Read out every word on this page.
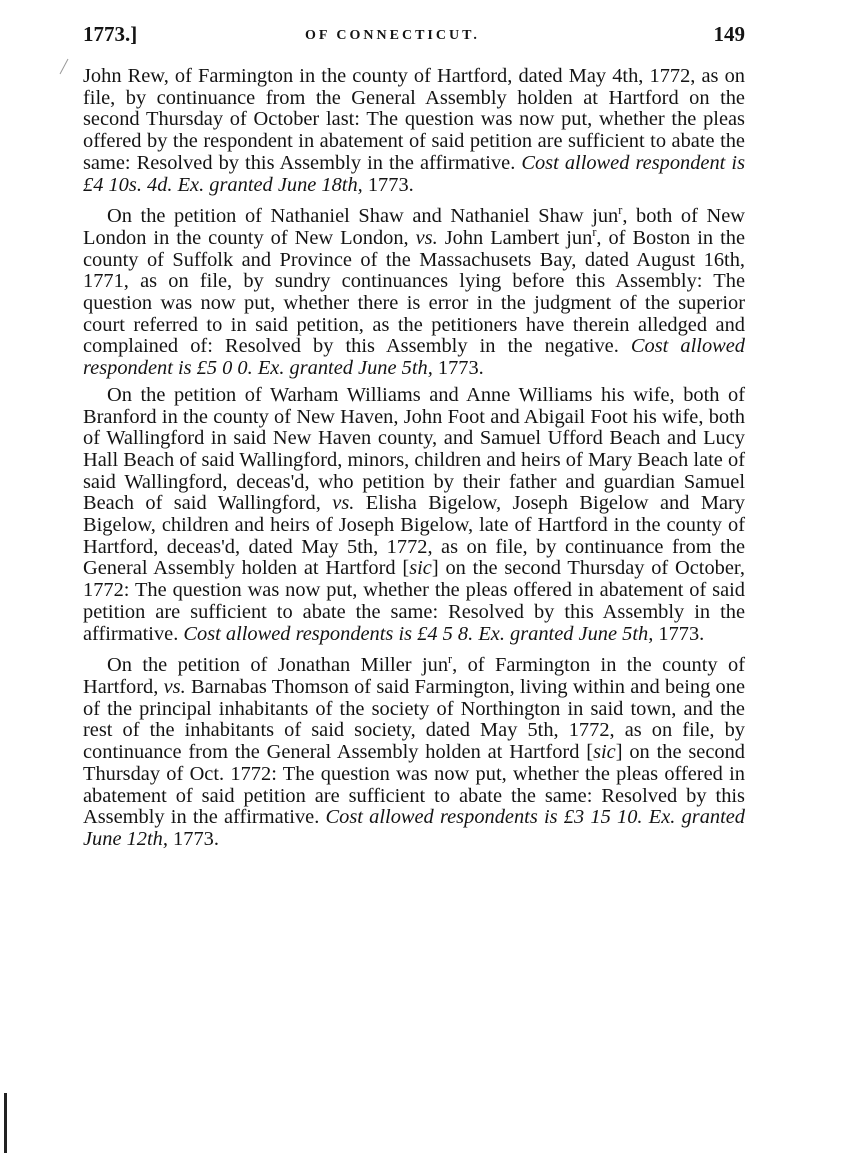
1773.]	OF CONNECTICUT.	149

John Rew, of Farmington in the county of Hartford, dated May 4th, 1772, as on file, by continuance from the General Assembly holden at Hartford on the second Thursday of October last: The question was now put, whether the pleas offered by the respondent in abatement of said petition are sufficient to abate the same: Resolved by this Assembly in the affirmative. Cost allowed respondent is £4 10s. 4d. Ex. granted June 18th, 1773.

On the petition of Nathaniel Shaw and Nathaniel Shaw jun$^r$, both of New London in the county of New London, vs. John Lambert jun$^r$, of Boston in the county of Suffolk and Province of the Massachusets Bay, dated August 16th, 1771, as on file, by sundry continuances lying before this Assembly: The question was now put, whether there is error in the judgment of the superior court referred to in said petition, as the petitioners have therein alledged and complained of: Resolved by this Assembly in the negative. Cost allowed respondent is £5 0 0. Ex. granted June 5th, 1773.

On the petition of Warham Williams and Anne Williams his wife, both of Branford in the county of New Haven, John Foot and Abigail Foot his wife, both of Wallingford in said New Haven county, and Samuel Ufford Beach and Lucy Hall Beach of said Wallingford, minors, children and heirs of Mary Beach late of said Wallingford, deceas'd, who petition by their father and guardian Samuel Beach of said Wallingford, vs. Elisha Bigelow, Joseph Bigelow and Mary Bigelow, children and heirs of Joseph Bigelow, late of Hartford in the county of Hartford, deceas'd, dated May 5th, 1772, as on file, by continuance from the General Assembly holden at Hartford [sic] on the second Thursday of October, 1772: The question was now put, whether the pleas offered in abatement of said petition are sufficient to abate the same: Resolved by this Assembly in the affirmative. Cost allowed respondents is £4 5 8. Ex. granted June 5th, 1773.

On the petition of Jonathan Miller jun$^r$, of Farmington in the county of Hartford, vs. Barnabas Thomson of said Farmington, living within and being one of the principal inhabitants of the society of Northington in said town, and the rest of the inhabitants of said society, dated May 5th, 1772, as on file, by continuance from the General Assembly holden at Hartford [sic] on the second Thursday of Oct. 1772: The question was now put, whether the pleas offered in abatement of said petition are sufficient to abate the same: Resolved by this Assembly in the affirmative. Cost allowed respondents is £3 15 10. Ex. granted June 12th, 1773.
